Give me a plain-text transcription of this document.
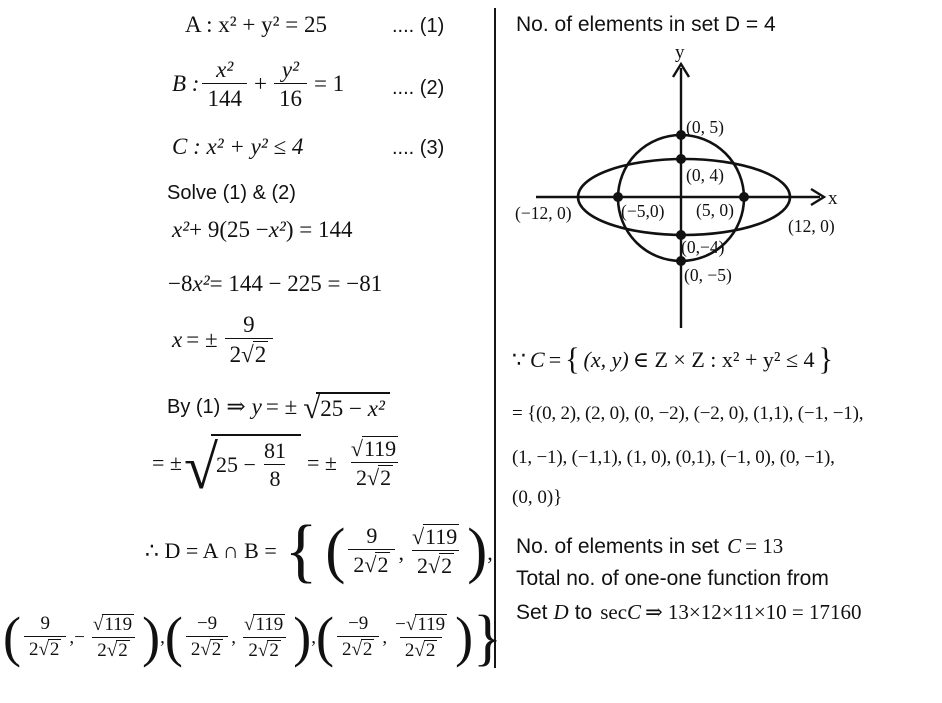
A : x² + y² = 25	.... (1)
B : $\frac{\text{x²}}{144} + \frac{\text{y²}}{16} = 1$ .... (2)
C : x² + y² ≤ 4	.... (3)
Solve (1) & (2)
x² + 9(25 − x² ) = 144
−8 x² = 144 − 225 = −81
x = ± $\frac{9}{2 √ 2}$
By (1) ⇒ y = ± √ 25 − x²
= ± √
$25 - \frac{81}{8}$ = ± $\frac{√ 119}{2 √ 2}$
∴ D = A ∩ B = { ( $\frac{9}{2 √ 2}$ , $\frac{√ 119}{2 √ 2}$ ) ,
( $\frac{9}{2 √ 2}$ , − $\frac{√ 119}{2 √ 2}$ ) , ( $\frac{-9}{2 √ 2}$ , $\frac{√ 119}{2 √ 2}$ ) , ( $\frac{-9}{2 √ 2}$ , $\frac{- √ 119}{2 √ 2}$ ) }
No. of elements in set D = 4
y
x
(0, 5)
(0, 4)
(−5,0) (5, 0)
(−12, 0)
(12, 0)
(0,−4)
(0, −5)
∵ C = { (x, y) ∈ Z × Z : x² + y² ≤ 4 }
= {(0, 2), (2, 0), (0, −2), (−2, 0), (1,1), (−1, −1),
(1, −1), (−1,1), (1, 0), (0,1), (−1, 0), (0, −1),
(0, 0)}
No. of elements in set C = 13
Total no. of one-one function from
Set D to sec C ⇒ 13×12×11×10 = 17160
